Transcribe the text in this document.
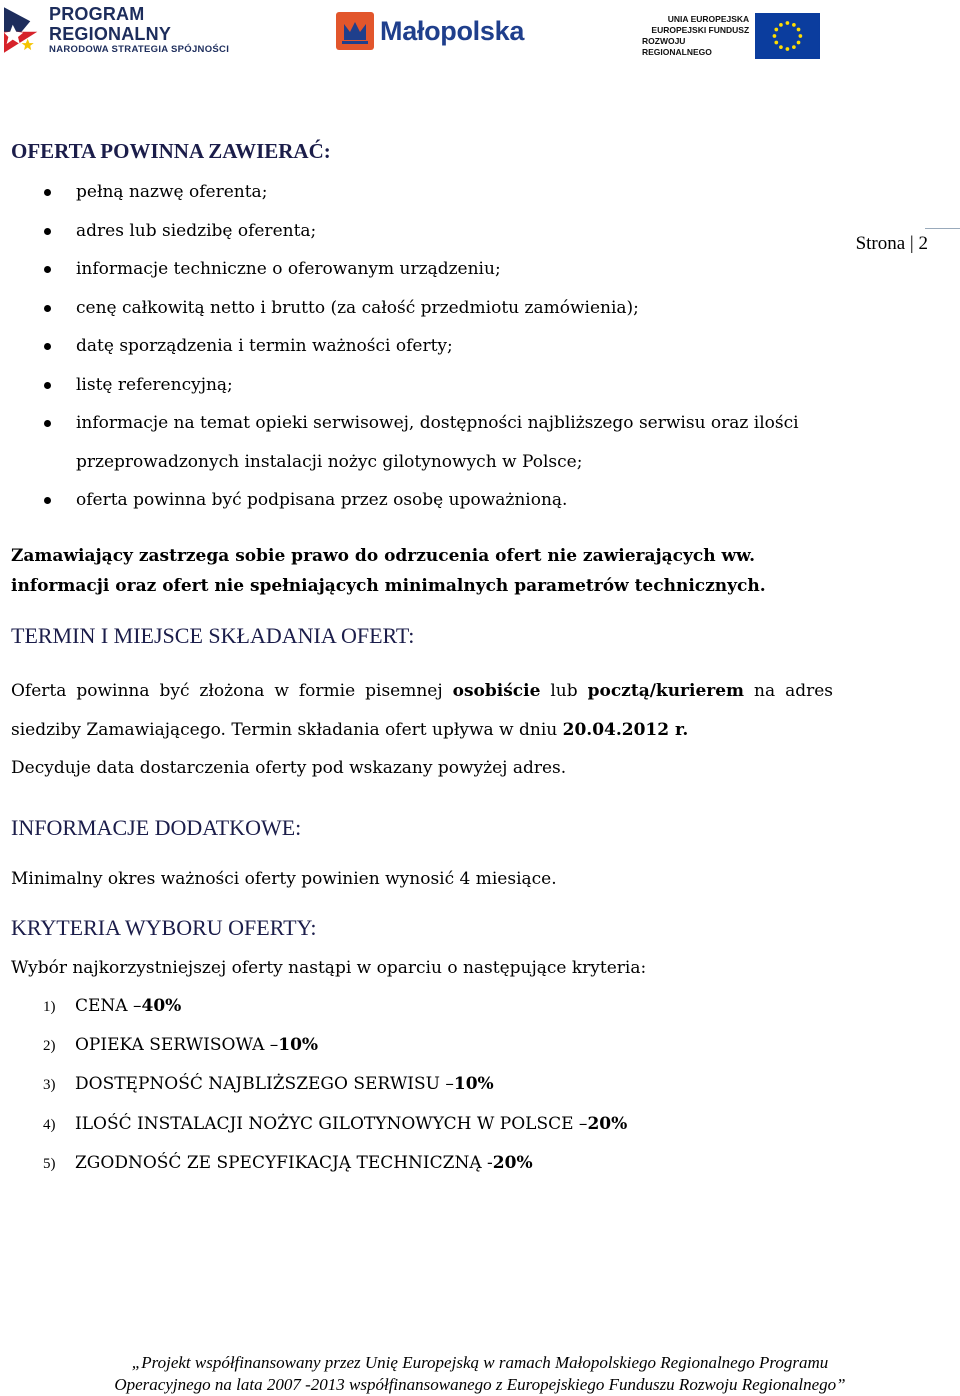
PROGRAM REGIONALNY
NARODOWA STRATEGIA SPÓJNOŚCI
Małopolska	UNIA EUROPEJSKA
EUROPEJSKI FUNDUSZ
ROZWOJU REGIONALNEGO
Strona | 2
OFERTA POWINNA ZAWIERAĆ:
pełną nazwę oferenta;
adres lub siedzibę oferenta;
informacje techniczne o oferowanym urządzeniu;
cenę całkowitą netto i brutto (za całość przedmiotu zamówienia);
datę sporządzenia i termin ważności oferty;
listę referencyjną;
informacje na temat opieki serwisowej, dostępności najbliższego serwisu oraz ilości przeprowadzonych instalacji nożyc gilotynowych w Polsce;
oferta powinna być podpisana przez osobę upoważnioną.
Zamawiający zastrzega sobie prawo do odrzucenia ofert nie zawierających ww. informacji oraz ofert nie spełniających minimalnych parametrów technicznych.
TERMIN I MIEJSCE SKŁADANIA OFERT:
Oferta powinna być złożona w formie pisemnej osobiście lub pocztą/kurierem na adres siedziby Zamawiającego. Termin składania ofert upływa w dniu 20.04.2012 r.
Decyduje data dostarczenia oferty pod wskazany powyżej adres.
INFORMACJE DODATKOWE:
Minimalny okres ważności oferty powinien wynosić 4 miesiące.
KRYTERIA WYBORU OFERTY:
Wybór najkorzystniejszej oferty nastąpi w oparciu o następujące kryteria:
1)	CENA – 40%
2)	OPIEKA SERWISOWA – 10%
3)	DOSTĘPNOŚĆ NAJBLIŻSZEGO SERWISU – 10%
4)	ILOŚĆ INSTALACJI NOŻYC GILOTYNOWYCH W POLSCE – 20%
5)	ZGODNOŚĆ ZE SPECYFIKACJĄ TECHNICZNĄ - 20%
„Projekt współfinansowany przez Unię Europejską w ramach Małopolskiego Regionalnego Programu
Operacyjnego na lata 2007 -2013 współfinansowanego z Europejskiego Funduszu Rozwoju Regionalnego”
